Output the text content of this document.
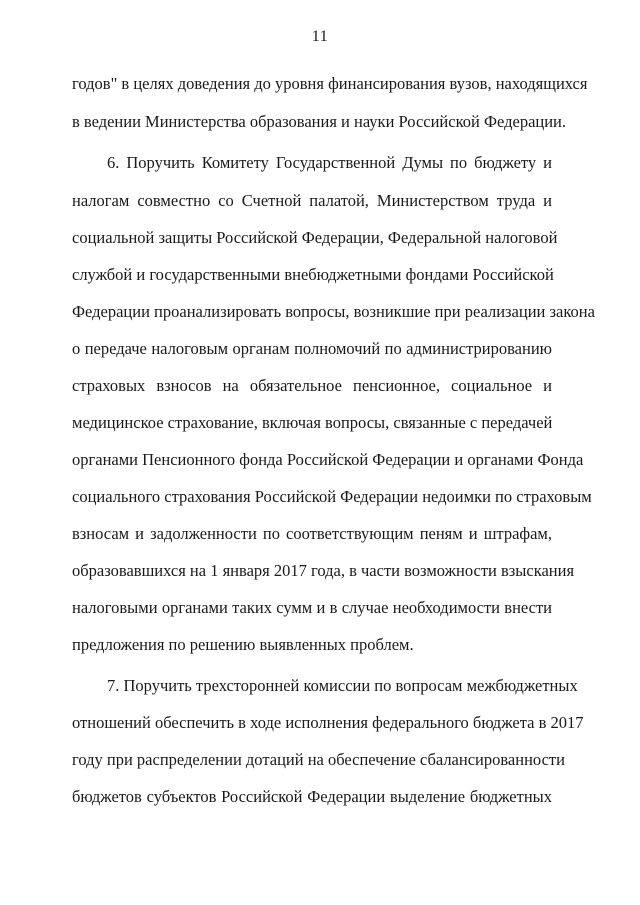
11
годов" в целях доведения до уровня финансирования вузов, находящихся
в ведении Министерства образования и науки Российской Федерации.
6. Поручить Комитету Государственной Думы по бюджету и
налогам совместно со Счетной палатой, Министерством труда и
социальной защиты Российской Федерации, Федеральной налоговой
службой и государственными внебюджетными фондами Российской
Федерации проанализировать вопросы, возникшие при реализации закона
о передаче налоговым органам полномочий по администрированию
страховых взносов на обязательное пенсионное, социальное и
медицинское страхование, включая вопросы, связанные с передачей
органами Пенсионного фонда Российской Федерации и органами Фонда
социального страхования Российской Федерации недоимки по страховым
взносам и задолженности по соответствующим пеням и штрафам,
образовавшихся на 1 января 2017 года, в части возможности взыскания
налоговыми органами таких сумм и в случае необходимости внести
предложения по решению выявленных проблем.
7. Поручить трехсторонней комиссии по вопросам межбюджетных
отношений обеспечить в ходе исполнения федерального бюджета в 2017
году при распределении дотаций на обеспечение сбалансированности
бюджетов субъектов Российской Федерации выделение бюджетных
